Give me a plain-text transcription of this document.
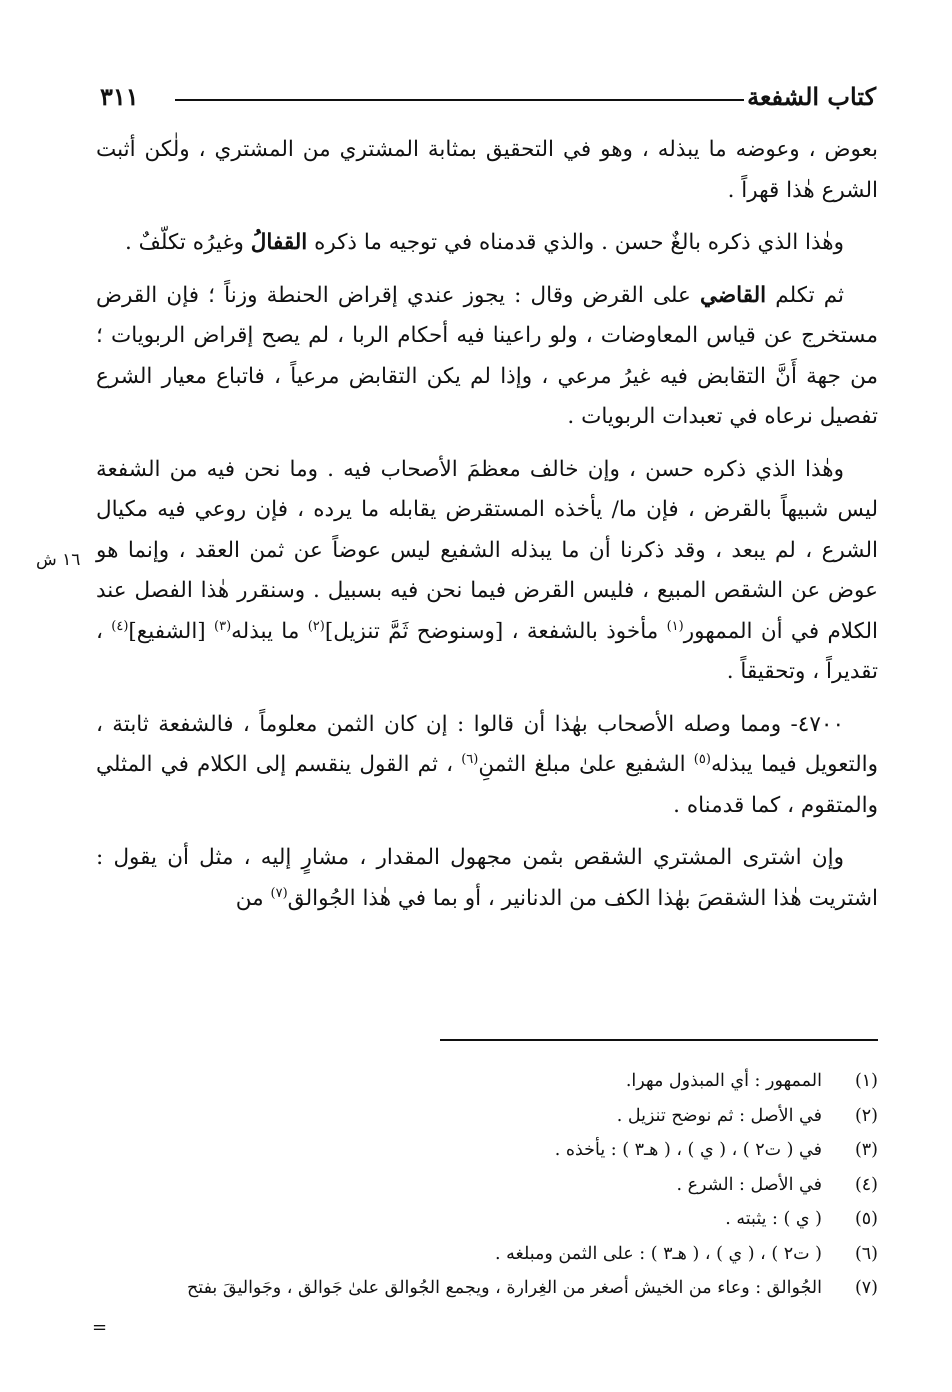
كتاب الشفعة
٣١١
١٦ ش

بعوض ، وعوضه ما يبذله ، وهو في التحقيق بمثابة المشتري من المشتري ، ولٰكن أثبت الشرع هٰذا قهراً .

وهٰذا الذي ذكره بالغٌ حسن . والذي قدمناه في توجيه ما ذكره القفالُ وغيرُه تكلّفٌ .

ثم تكلم القاضي على القرض وقال : يجوز عندي إقراض الحنطة وزناً ؛ فإن القرض مستخرج عن قياس المعاوضات ، ولو راعينا فيه أحكام الربا ، لم يصح إقراض الربويات ؛ من جهة أَنَّ التقابض فيه غيرُ مرعي ، وإذا لم يكن التقابض مرعياً ، فاتباع معيار الشرع تفصيل نرعاه في تعبدات الربويات .

وهٰذا الذي ذكره حسن ، وإن خالف معظمَ الأصحاب فيه . وما نحن فيه من الشفعة ليس شبيهاً بالقرض ، فإن ما/ يأخذه المستقرض يقابله ما يرده ، فإن روعي فيه مكيال الشرع ، لم يبعد ، وقد ذكرنا أن ما يبذله الشفيع ليس عوضاً عن ثمن العقد ، وإنما هو عوض عن الشقص المبيع ، فليس القرض فيما نحن فيه بسبيل . وسنقرر هٰذا الفصل عند الكلام في أن الممهور$^{(١)}$ مأخوذ بالشفعة ، [وسنوضح ثَمَّ تنزيل]$^{(٢)}$ ما يبذله$^{(٣)}$ [الشفيع]$^{(٤)}$ ، تقديراً ، وتحقيقاً .

٤٧٠٠- ومما وصله الأصحاب بهٰذا أن قالوا : إن كان الثمن معلوماً ، فالشفعة ثابتة ، والتعويل فيما يبذله$^{(٥)}$ الشفيع علىٰ مبلغ الثمنِ$^{(٦)}$ ، ثم القول ينقسم إلى الكلام في المثلي والمتقوم ، كما قدمناه .

وإن اشترى المشتري الشقص بثمن مجهول المقدار ، مشارٍ إليه ، مثل أن يقول : اشتريت هٰذا الشقصَ بهٰذا الكف من الدنانير ، أو بما في هٰذا الجُوالق$^{(٧)}$ من

(١)
الممهور : أي المبذول مهرا.
(٢)
في الأصل : ثم نوضح تنزيل .
(٣)
في ( ت٢ ) ، ( ي ) ، ( هـ٣ ) : يأخذه .
(٤)
في الأصل : الشرع .
(٥)
( ي ) : يثبته .
(٦)
( ت٢ ) ، ( ي ) ، ( هـ٣ ) : على الثمن ومبلغه .
(٧)
الجُوالق : وعاء من الخيش أصغر من الغِرارة ، ويجمع الجُوالق علىٰ جَوالق ، وجَواليقَ بفتح
=
